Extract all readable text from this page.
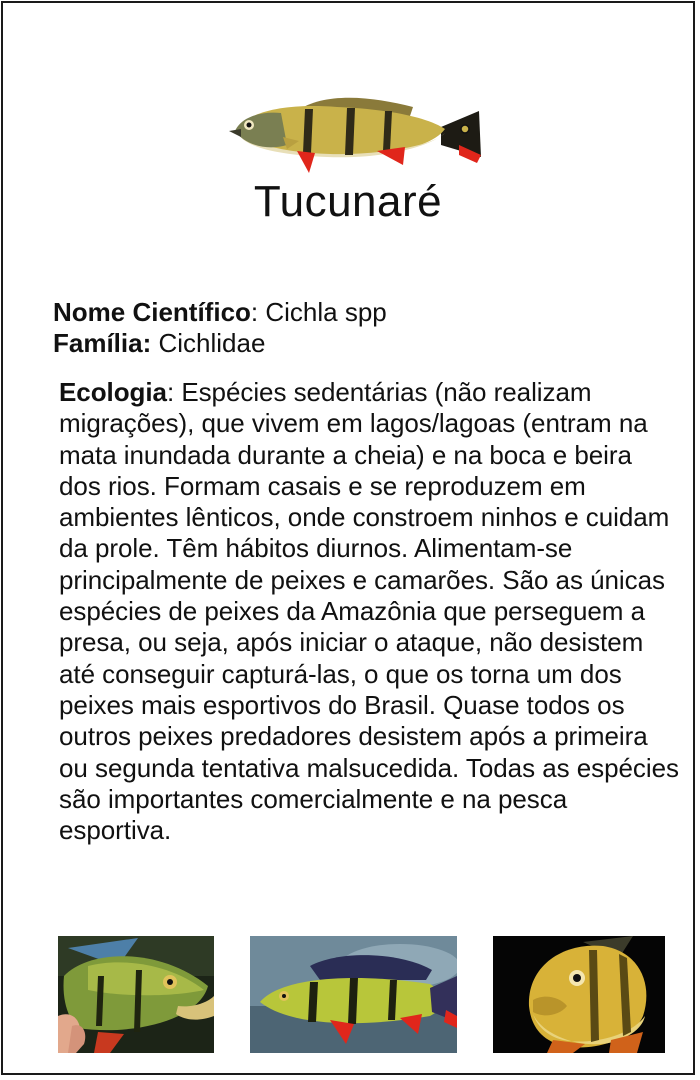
Tucunaré
Nome Científico: Cichla spp
Família: Cichlidae
Ecologia: Espécies sedentárias (não realizam migrações), que vivem em lagos/lagoas (entram na mata inundada durante a cheia) e na boca e beira dos rios. Formam casais e se reproduzem em ambientes lênticos, onde constroem ninhos e cuidam da prole. Têm hábitos diurnos. Alimentam-se principalmente de peixes e camarões. São as únicas espécies de peixes da Amazônia que perseguem a presa, ou seja, após iniciar o ataque, não desistem até conseguir capturá-las, o que os torna um dos peixes mais esportivos do Brasil. Quase todos os outros peixes predadores desistem após a primeira ou segunda tentativa malsucedida. Todas as espécies são importantes comercialmente e na pesca esportiva.
